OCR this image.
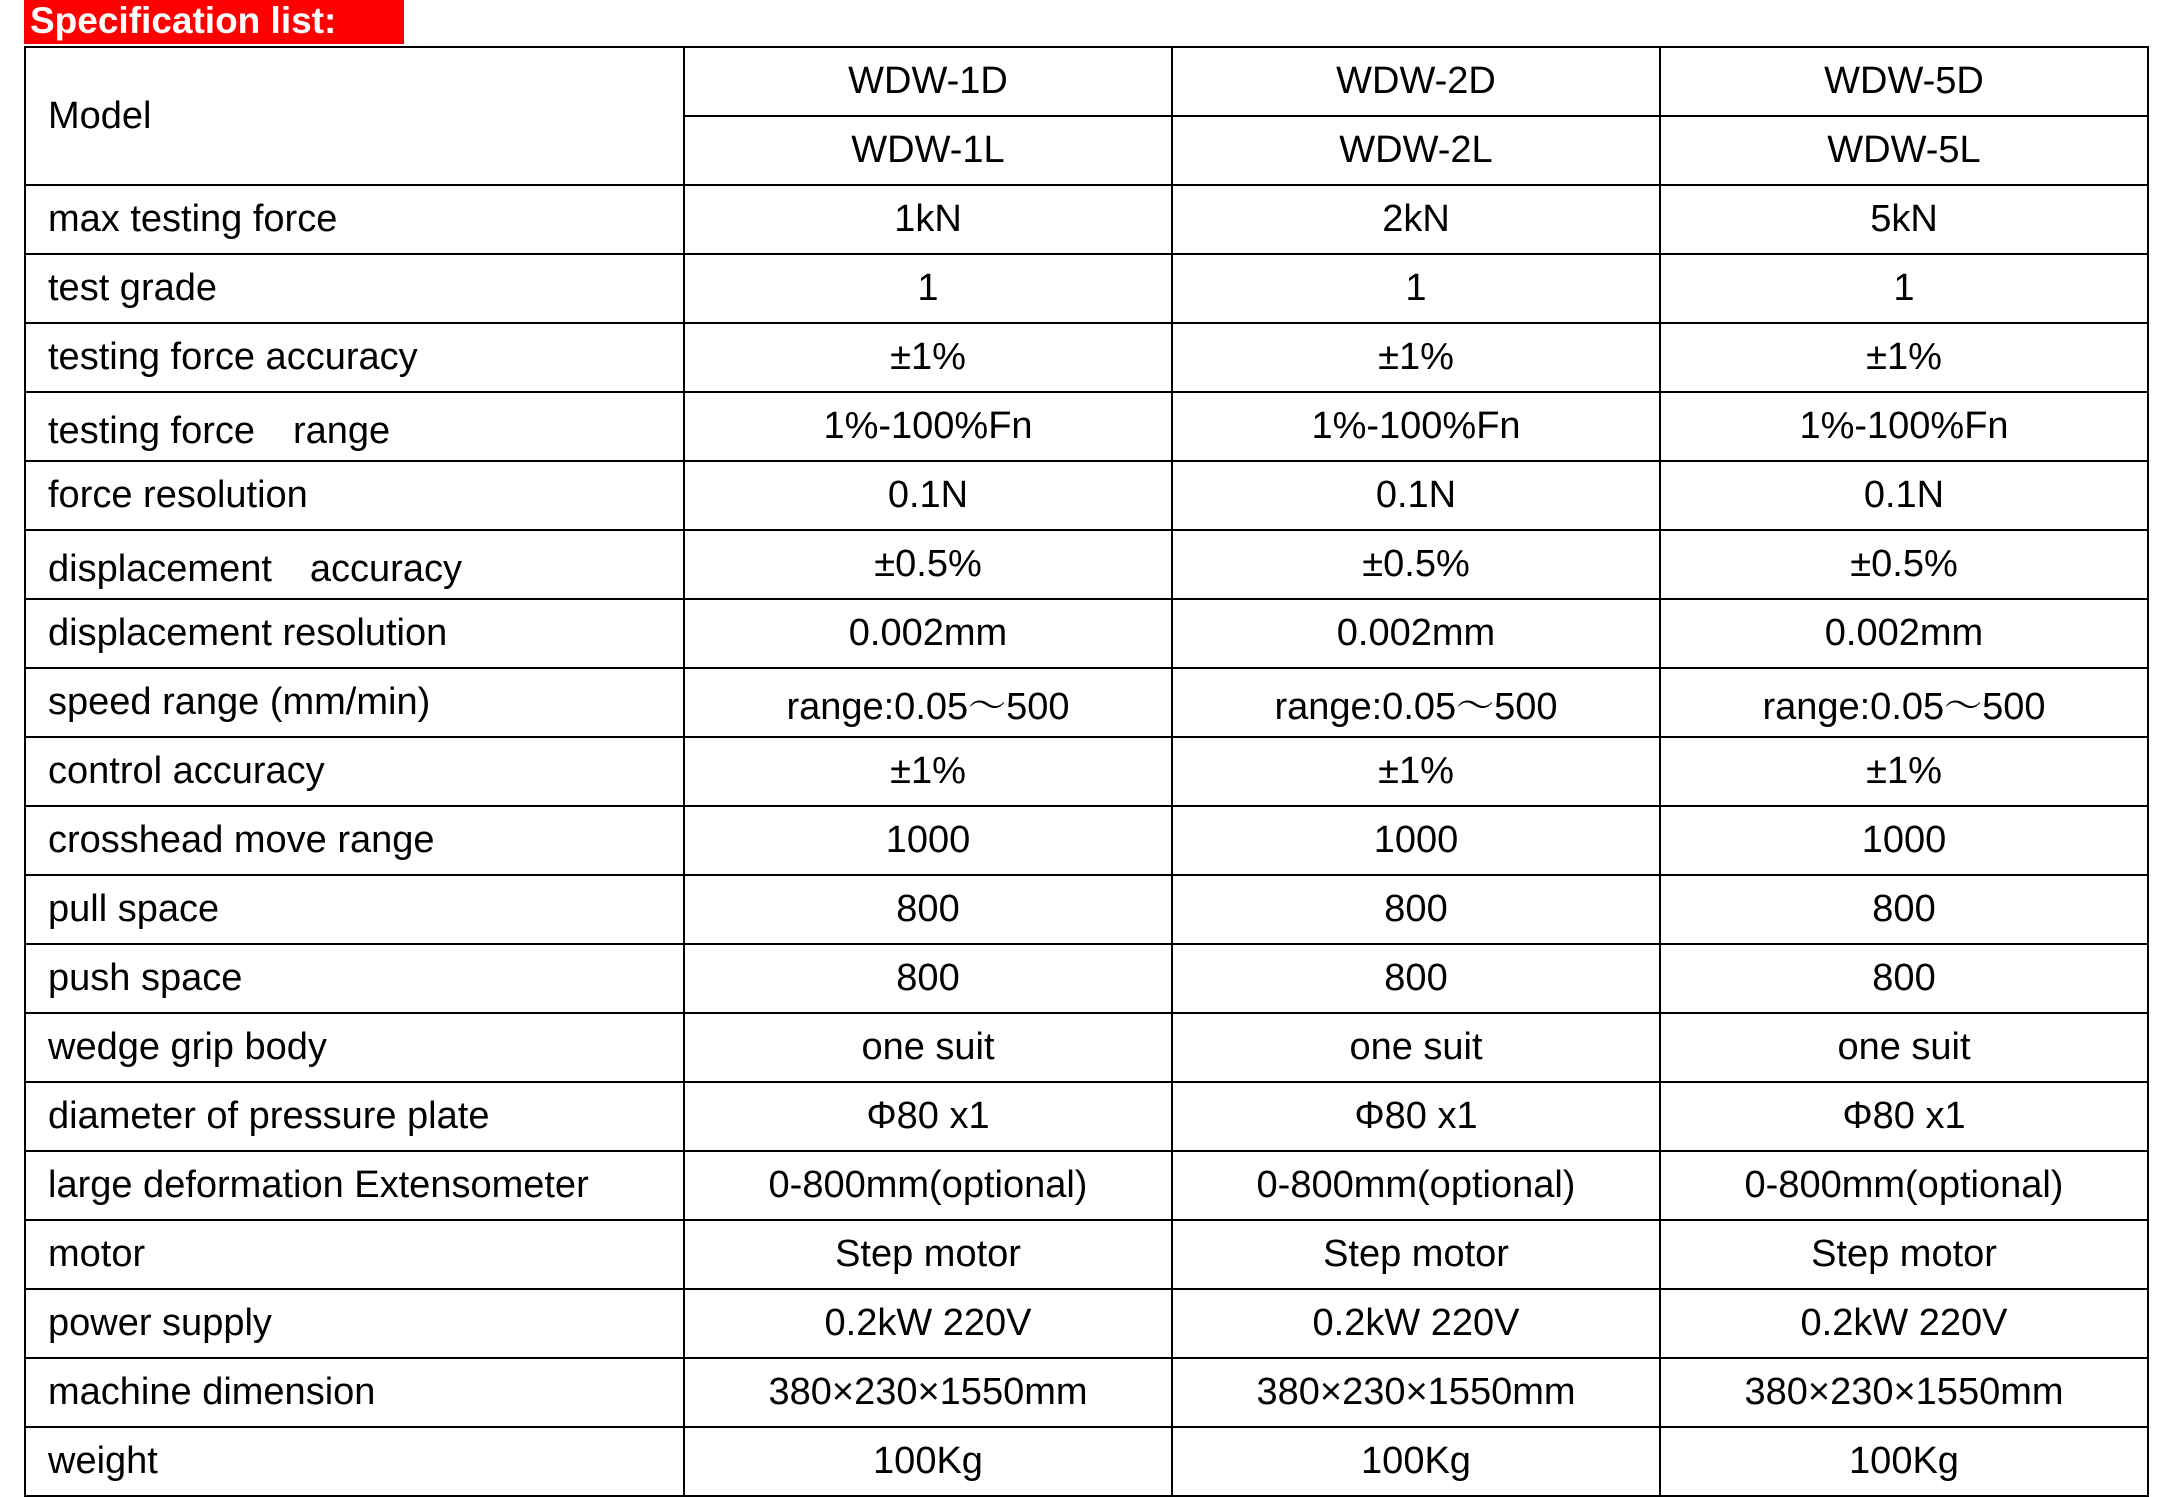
Specification list:
Model	WDW-1D	WDW-2D	WDW-5D
	WDW-1L	WDW-2L	WDW-5L
max testing force	1kN	2kN	5kN
test grade	1	1	1
testing force accuracy	±1%	±1%	±1%
testing force　range	1%-100%Fn	1%-100%Fn	1%-100%Fn
force resolution	0.1N	0.1N	0.1N
displacement　accuracy	±0.5%	±0.5%	±0.5%
displacement resolution	0.002mm	0.002mm	0.002mm
speed range (mm/min)	range:0.05～500	range:0.05～500	range:0.05～500
control accuracy	±1%	±1%	±1%
crosshead move range	1000	1000	1000
pull space	800	800	800
push space	800	800	800
wedge grip body	one suit	one suit	one suit
diameter of pressure plate	Φ80 x1	Φ80 x1	Φ80 x1
large deformation Extensometer	0-800mm(optional)	0-800mm(optional)	0-800mm(optional)
motor	Step motor	Step motor	Step motor
power supply	0.2kW 220V	0.2kW 220V	0.2kW 220V
machine dimension	380×230×1550mm	380×230×1550mm	380×230×1550mm
weight	100Kg	100Kg	100Kg
